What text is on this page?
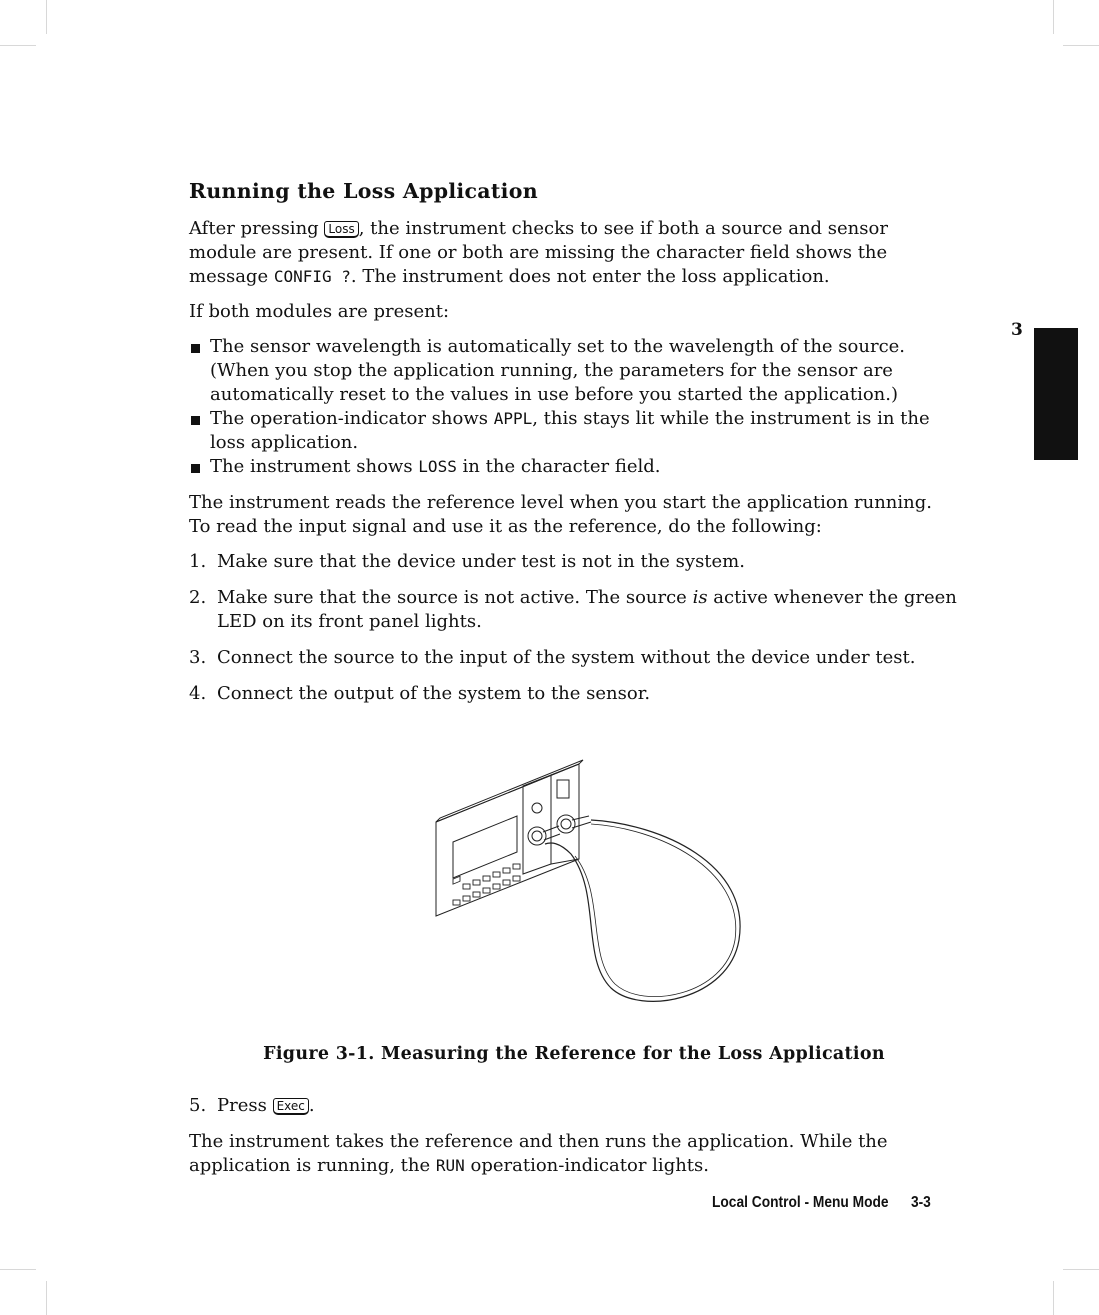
3
Running the Loss Application

After pressing Loss , the instrument checks to see if both a source and sensor module are present. If one or both are missing the character field shows the message CONFIG ?. The instrument does not enter the loss application.

If both modules are present:

The sensor wavelength is automatically set to the wavelength of the source. (When you stop the application running, the parameters for the sensor are automatically reset to the values in use before you started the application.)
The operation-indicator shows APPL, this stays lit while the instrument is in the loss application.
The instrument shows LOSS in the character field.

The instrument reads the reference level when you start the application running. To read the input signal and use it as the reference, do the following:

1. Make sure that the device under test is not in the system.
2. Make sure that the source is not active. The source is active whenever the green LED on its front panel lights.
3. Connect the source to the input of the system without the device under test.
4. Connect the output of the system to the sensor.
Figure 3-1. Measuring the Reference for the Loss Application
5. Press Exec .

The instrument takes the reference and then runs the application. While the application is running, the RUN operation-indicator lights.

Local Control - Menu Mode 3-3
